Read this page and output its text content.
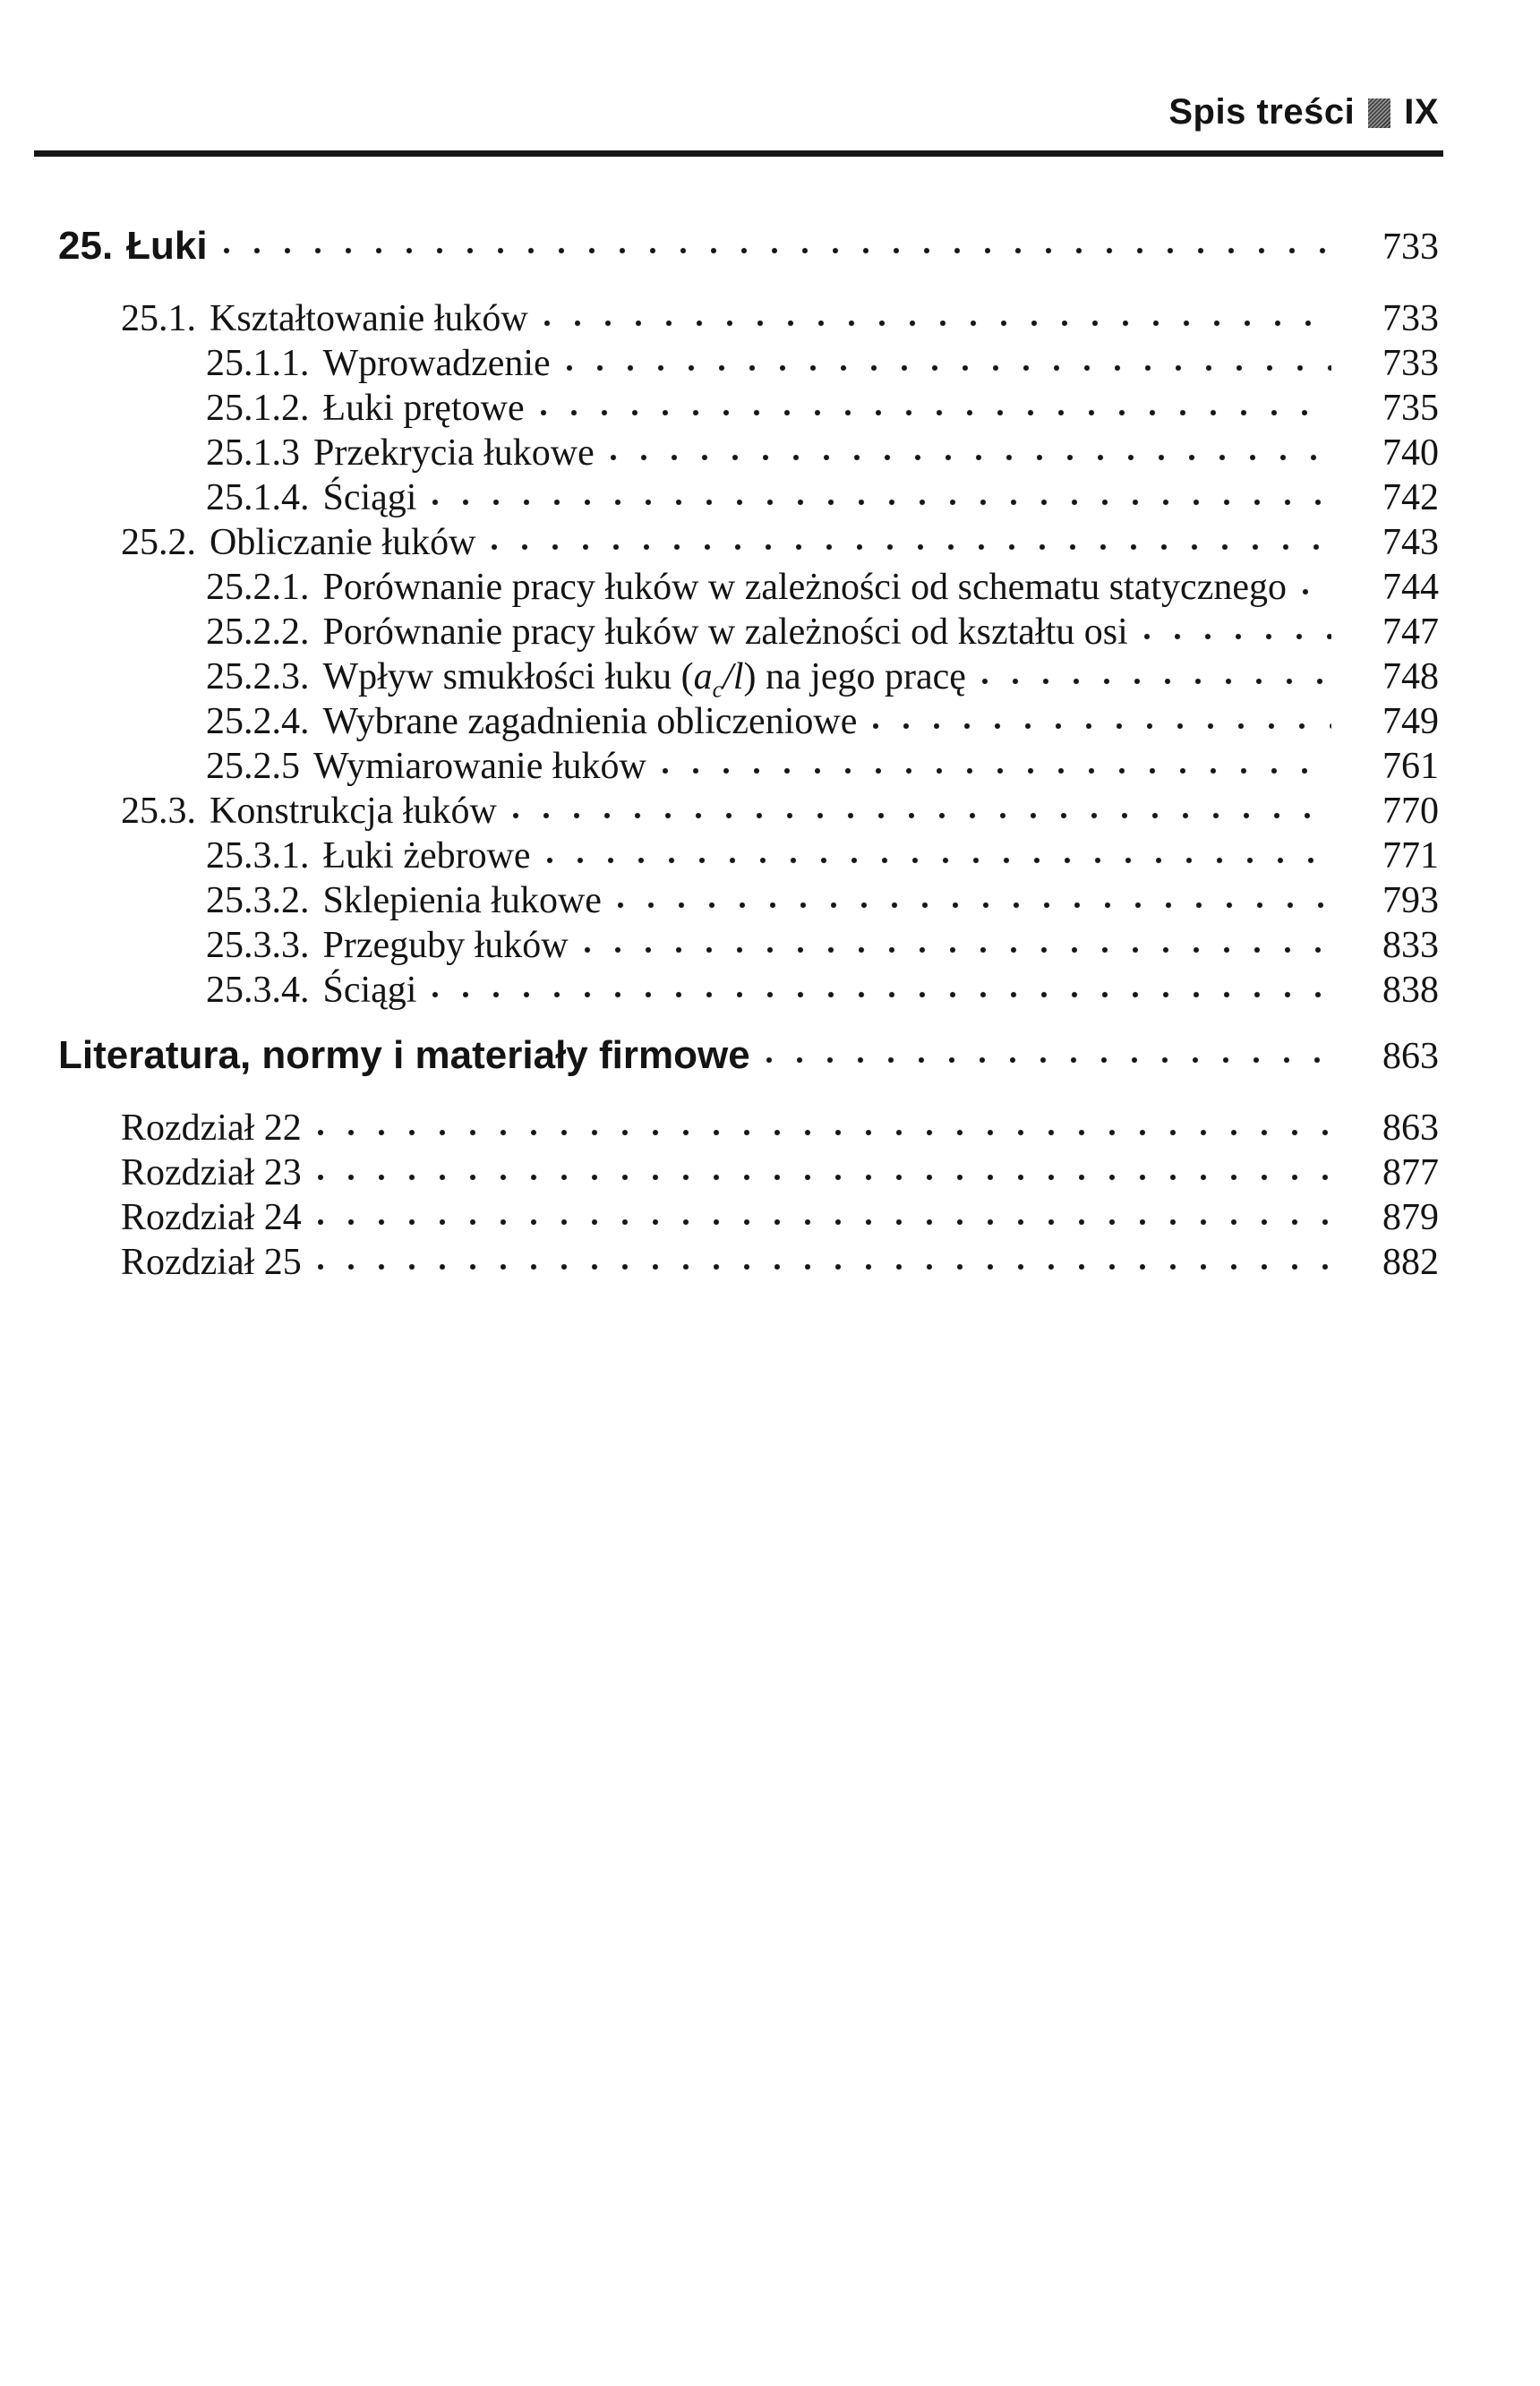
Spis treści IX
25. Łuki	733
25.1. Kształtowanie łuków	733
25.1.1. Wprowadzenie	733
25.1.2. Łuki prętowe	735
25.1.3 Przekrycia łukowe	740
25.1.4. Ściągi	742
25.2. Obliczanie łuków	743
25.2.1. Porównanie pracy łuków w zależności od schematu statycznego	744
25.2.2. Porównanie pracy łuków w zależności od kształtu osi	747
25.2.3. Wpływ smukłości łuku $(a_c/l)$ na jego pracę	748
25.2.4. Wybrane zagadnienia obliczeniowe	749
25.2.5 Wymiarowanie łuków	761
25.3. Konstrukcja łuków	770
25.3.1. Łuki żebrowe	771
25.3.2. Sklepienia łukowe	793
25.3.3. Przeguby łuków	833
25.3.4. Ściągi	838
Literatura, normy i materiały firmowe	863
Rozdział 22	863
Rozdział 23	877
Rozdział 24	879
Rozdział 25	882
